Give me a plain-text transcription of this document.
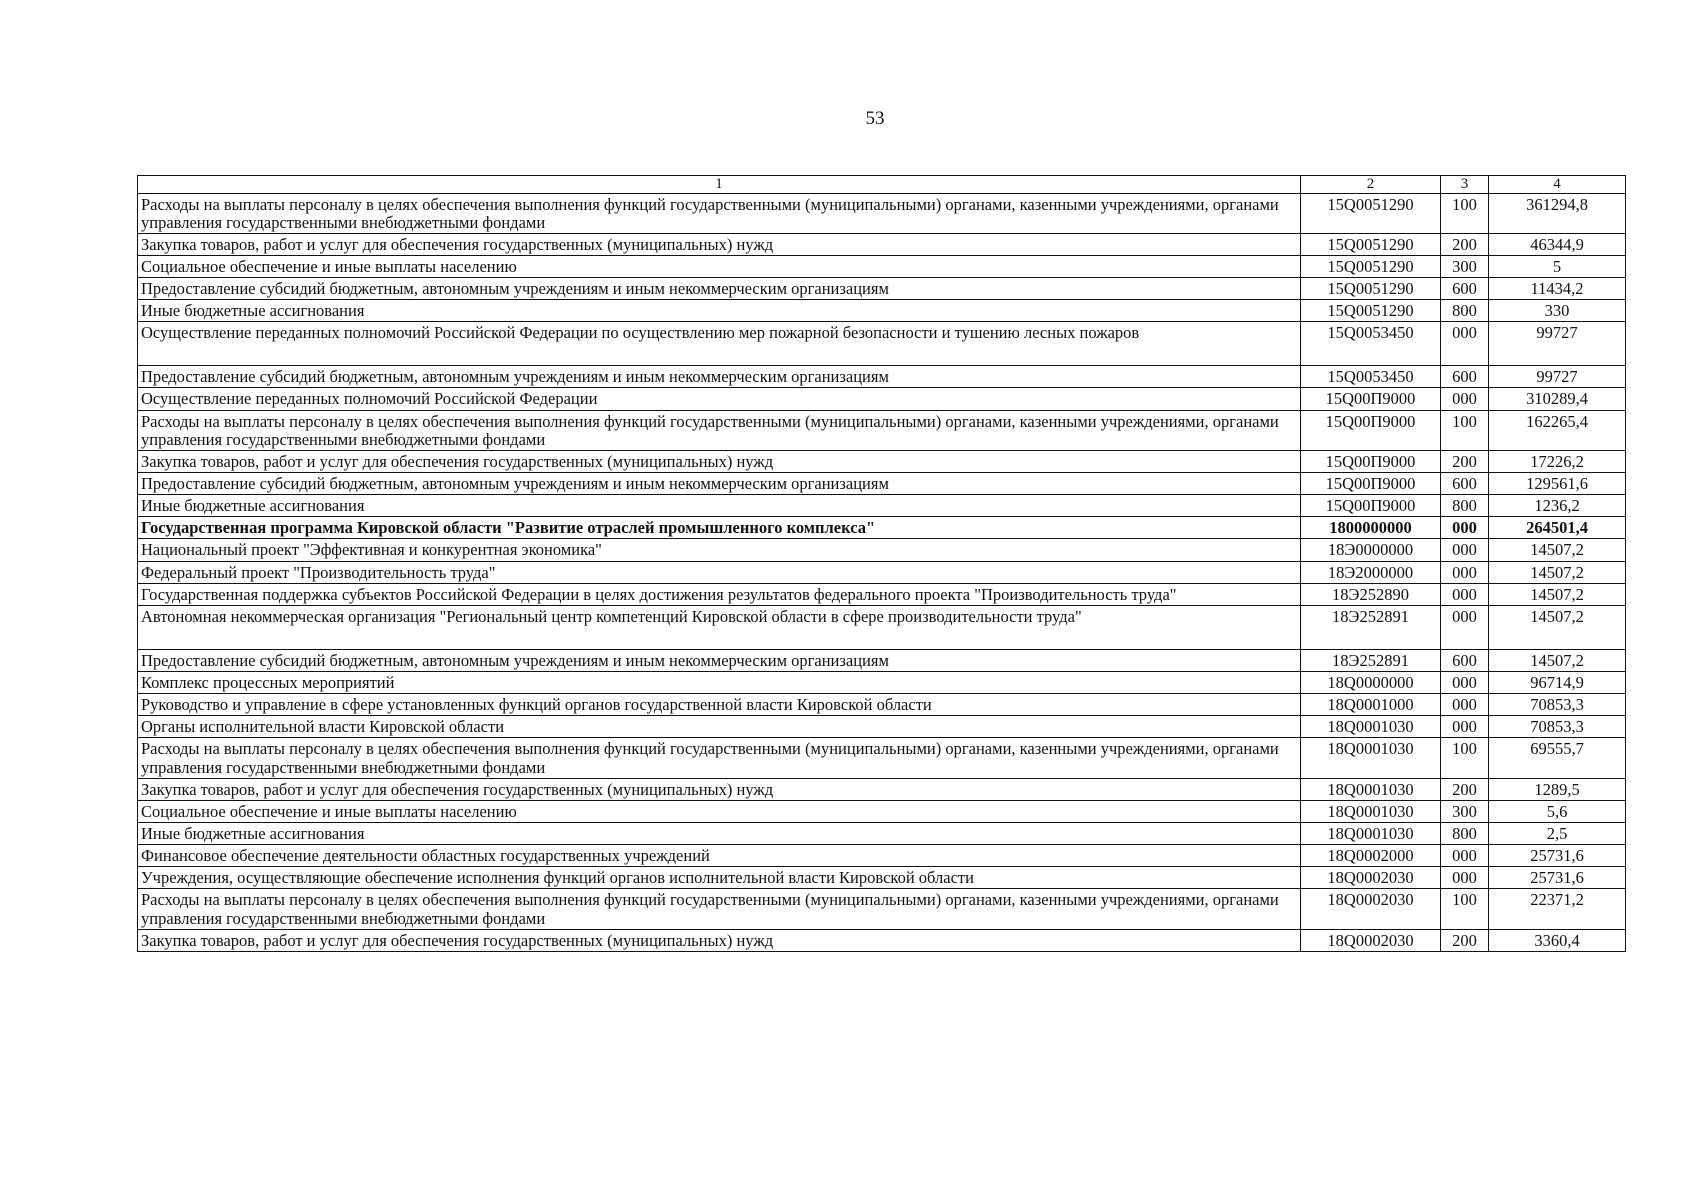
53
1	2	3	4
Расходы на выплаты персоналу в целях обеспечения выполнения функций государственными (муниципальными) органами, казенными учреждениями, органами управления государственными внебюджетными фондами	15Q0051290	100	361294,8
Закупка товаров, работ и услуг для обеспечения государственных (муниципальных) нужд	15Q0051290	200	46344,9
Социальное обеспечение и иные выплаты населению	15Q0051290	300	5
Предоставление субсидий бюджетным, автономным учреждениям и иным некоммерческим организациям	15Q0051290	600	11434,2
Иные бюджетные ассигнования	15Q0051290	800	330
Осуществление переданных полномочий Российской Федерации по осуществлению мер пожарной безопасности и тушению лесных пожаров	15Q0053450	000	99727
Предоставление субсидий бюджетным, автономным учреждениям и иным некоммерческим организациям	15Q0053450	600	99727
Осуществление переданных полномочий Российской Федерации	15Q00П9000	000	310289,4
Расходы на выплаты персоналу в целях обеспечения выполнения функций государственными (муниципальными) органами, казенными учреждениями, органами управления государственными внебюджетными фондами	15Q00П9000	100	162265,4
Закупка товаров, работ и услуг для обеспечения государственных (муниципальных) нужд	15Q00П9000	200	17226,2
Предоставление субсидий бюджетным, автономным учреждениям и иным некоммерческим организациям	15Q00П9000	600	129561,6
Иные бюджетные ассигнования	15Q00П9000	800	1236,2
Государственная программа Кировской области "Развитие отраслей промышленного комплекса"	1800000000	000	264501,4
Национальный проект "Эффективная и конкурентная экономика"	18Э0000000	000	14507,2
Федеральный проект "Производительность труда"	18Э2000000	000	14507,2
Государственная поддержка субъектов Российской Федерации в целях достижения результатов федерального проекта "Производительность труда"	18Э252890	000	14507,2
Автономная некоммерческая организация "Региональный центр компетенций Кировской области в сфере производительности труда"	18Э252891	000	14507,2
Предоставление субсидий бюджетным, автономным учреждениям и иным некоммерческим организациям	18Э252891	600	14507,2
Комплекс процессных мероприятий	18Q0000000	000	96714,9
Руководство и управление в сфере установленных функций органов государственной власти Кировской области	18Q0001000	000	70853,3
Органы исполнительной власти Кировской области	18Q0001030	000	70853,3
Расходы на выплаты персоналу в целях обеспечения выполнения функций государственными (муниципальными) органами, казенными учреждениями, органами управления государственными внебюджетными фондами	18Q0001030	100	69555,7
Закупка товаров, работ и услуг для обеспечения государственных (муниципальных) нужд	18Q0001030	200	1289,5
Социальное обеспечение и иные выплаты населению	18Q0001030	300	5,6
Иные бюджетные ассигнования	18Q0001030	800	2,5
Финансовое обеспечение деятельности областных государственных учреждений	18Q0002000	000	25731,6
Учреждения, осуществляющие обеспечение исполнения функций органов исполнительной власти Кировской области	18Q0002030	000	25731,6
Расходы на выплаты персоналу в целях обеспечения выполнения функций государственными (муниципальными) органами, казенными учреждениями, органами управления государственными внебюджетными фондами	18Q0002030	100	22371,2
Закупка товаров, работ и услуг для обеспечения государственных (муниципальных) нужд	18Q0002030	200	3360,4
